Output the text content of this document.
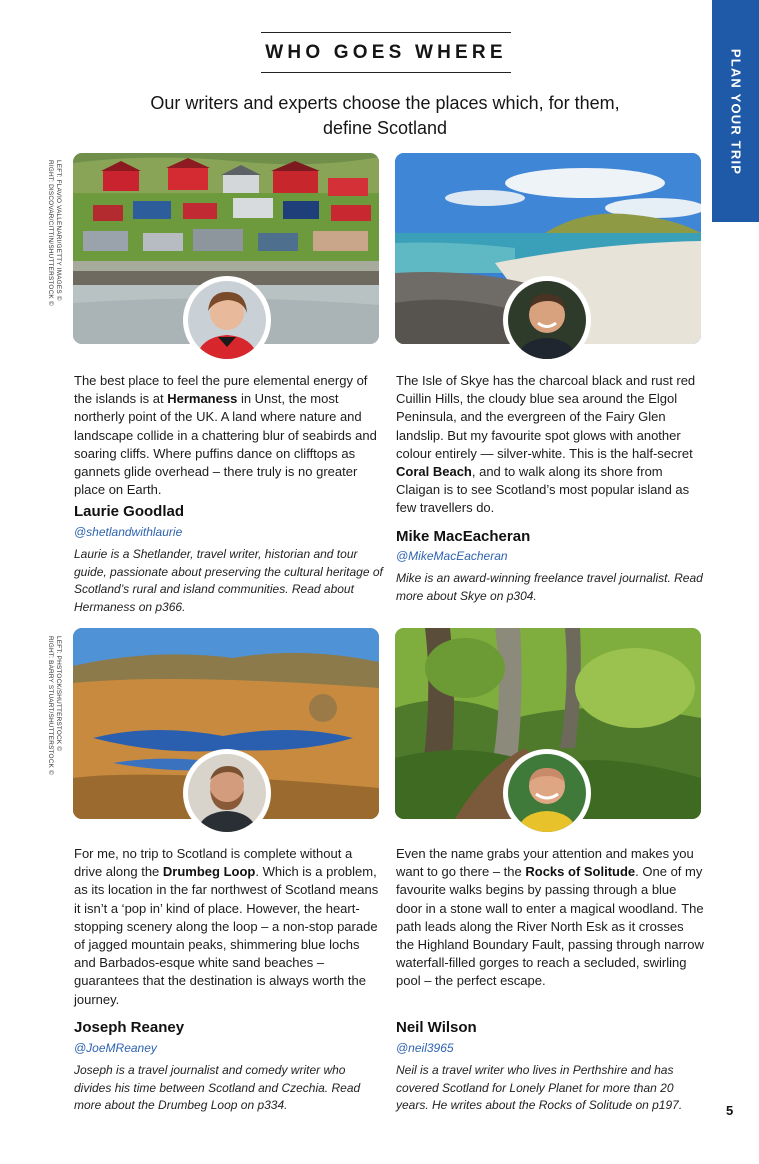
WHO GOES WHERE
Our writers and experts choose the places which, for them,
define Scotland	PLAN YOUR TRIP
LEFT: FLAVIO VALLENARI/GETTY IMAGES ©
RIGHT: DISCOVAR/CITTIN/SHUTTERSTOCK ©
LEFT: PHSTOCK/SHUTTERSTOCK ©
RIGHT: BARRY STUART/SHUTTERSTOCK ©
The best place to feel the pure elemental energy of the islands is at Hermaness in Unst, the most northerly point of the UK. A land where nature and landscape collide in a chattering blur of seabirds and soaring cliffs. Where puffins dance on clifftops as gannets glide overhead – there truly is no greater place on Earth.
Laurie Goodlad
@shetlandwithlaurie
Laurie is a Shetlander, travel writer, historian and tour guide, passionate about preserving the cultural heritage of Scotland’s rural and island communities. Read about Hermaness on p366.
The Isle of Skye has the charcoal black and rust red Cuillin Hills, the cloudy blue sea around the Elgol Peninsula, and the evergreen of the Fairy Glen landslip. But my favourite spot glows with another colour entirely — silver-white. This is the half-secret Coral Beach, and to walk along its shore from Claigan is to see Scotland’s most popular island as few travellers do.
Mike MacEacheran
@MikeMacEacheran
Mike is an award-winning freelance travel journalist. Read more about Skye on p304.
For me, no trip to Scotland is complete without a drive along the Drumbeg Loop. Which is a problem, as its location in the far northwest of Scotland means it isn’t a ‘pop in’ kind of place. However, the heart-stopping scenery along the loop – a non-stop parade of jagged mountain peaks, shimmering blue lochs and Barbados-esque white sand beaches – guarantees that the destination is always worth the journey.
Joseph Reaney
@JoeMReaney
Joseph is a travel journalist and comedy writer who divides his time between Scotland and Czechia. Read more about the Drumbeg Loop on p334.
Even the name grabs your attention and makes you want to go there – the Rocks of Solitude. One of my favourite walks begins by passing through a blue door in a stone wall to enter a magical woodland. The path leads along the River North Esk as it crosses the Highland Boundary Fault, passing through narrow waterfall-filled gorges to reach a secluded, swirling pool – the perfect escape.
Neil Wilson
@neil3965
Neil is a travel writer who lives in Perthshire and has covered Scotland for Lonely Planet for more than 20 years. He writes about the Rocks of Solitude on p197.	5
